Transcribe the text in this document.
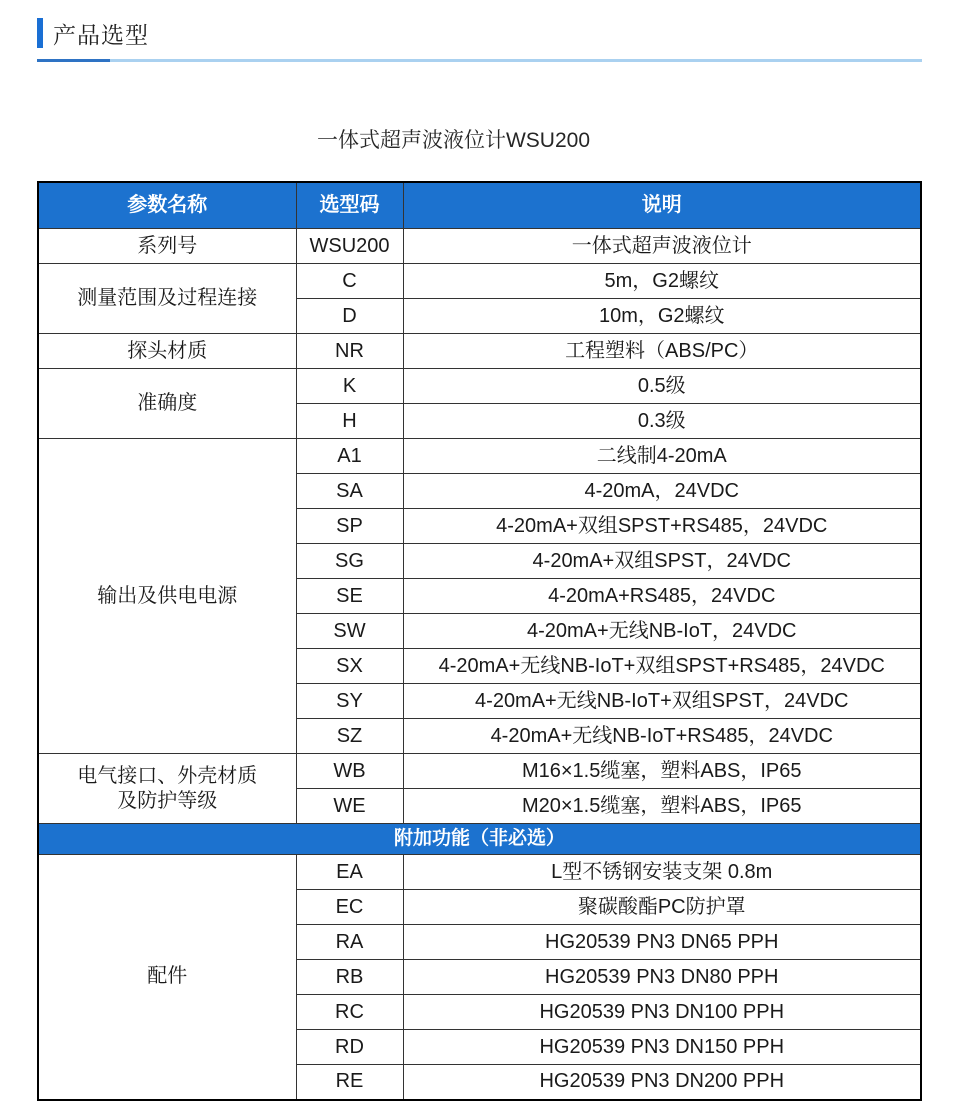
产品选型
一体式超声波液位计WSU200
参数名称	选型码	说明
系列号	WSU200	一体式超声波液位计
测量范围及过程连接	C	5m，G2螺纹
	D	10m，G2螺纹
探头材质	NR	工程塑料（ABS/PC）
准确度	K	0.5级
	H	0.3级
输出及供电电源	A1	二线制4-20mA
	SA	4-20mA，24VDC
	SP	4-20mA+双组SPST+RS485，24VDC
	SG	4-20mA+双组SPST，24VDC
	SE	4-20mA+RS485，24VDC
	SW	4-20mA+无线NB-IoT，24VDC
	SX	4-20mA+无线NB-IoT+双组SPST+RS485，24VDC
	SY	4-20mA+无线NB-IoT+双组SPST，24VDC
	SZ	4-20mA+无线NB-IoT+RS485，24VDC

电气接口、外壳材质
及防护等级	WB	M16×1.5缆塞，塑料ABS，IP65
	WE	M20×1.5缆塞，塑料ABS，IP65
附加功能（非必选）		
配件	EA	L型不锈钢安装支架 0.8m
	EC	聚碳酸酯PC防护罩
	RA	HG20539 PN3 DN65 PPH
	RB	HG20539 PN3 DN80 PPH
	RC	HG20539 PN3 DN100 PPH
	RD	HG20539 PN3 DN150 PPH
	RE	HG20539 PN3 DN200 PPH
